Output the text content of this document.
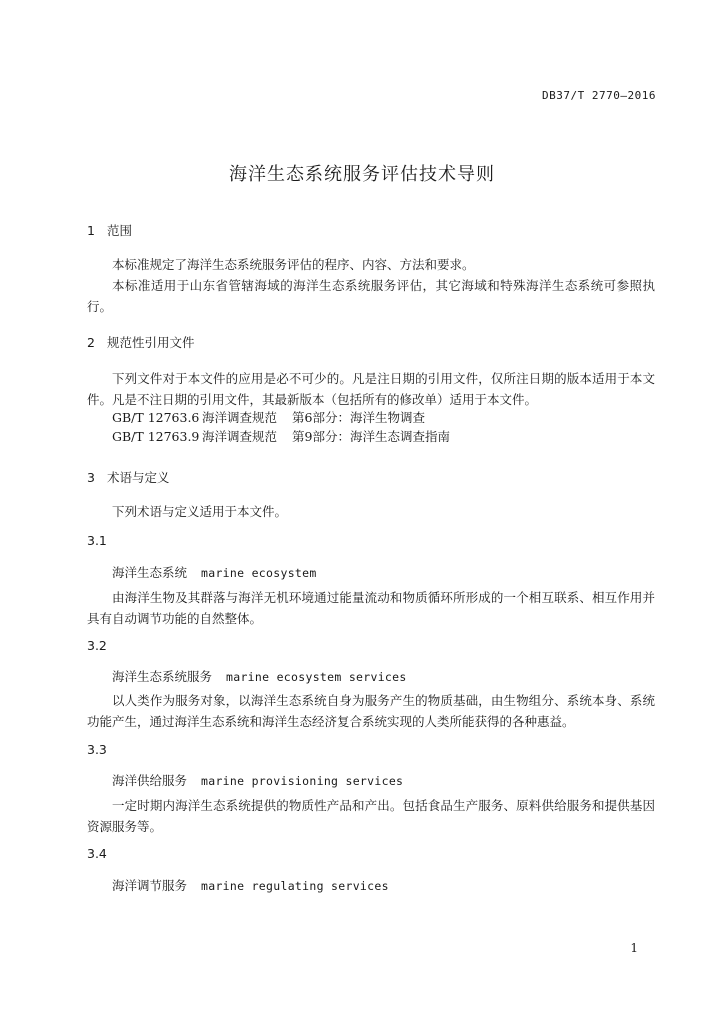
DB37/T 2770—2016
海洋生态系统服务评估技术导则
1 范围
本标准规定了海洋生态系统服务评估的程序、内容、方法和要求。
本标准适用于山东省管辖海域的海洋生态系统服务评估，其它海域和特殊海洋生态系统可参照执行。
2 规范性引用文件
下列文件对于本文件的应用是必不可少的。凡是注日期的引用文件，仅所注日期的版本适用于本文件。凡是不注日期的引用文件，其最新版本（包括所有的修改单）适用于本文件。
GB/T 12763.6 海洋调查规范 第6部分：海洋生物调查
GB/T 12763.9 海洋调查规范 第9部分：海洋生态调查指南
3 术语与定义
下列术语与定义适用于本文件。
3.1
海洋生态系统 marine ecosystem
由海洋生物及其群落与海洋无机环境通过能量流动和物质循环所形成的一个相互联系、相互作用并具有自动调节功能的自然整体。
3.2
海洋生态系统服务 marine ecosystem services
以人类作为服务对象，以海洋生态系统自身为服务产生的物质基础，由生物组分、系统本身、系统功能产生，通过海洋生态系统和海洋生态经济复合系统实现的人类所能获得的各种惠益。
3.3
海洋供给服务 marine provisioning services
一定时期内海洋生态系统提供的物质性产品和产出。包括食品生产服务、原料供给服务和提供基因资源服务等。
3.4
海洋调节服务 marine regulating services
1
